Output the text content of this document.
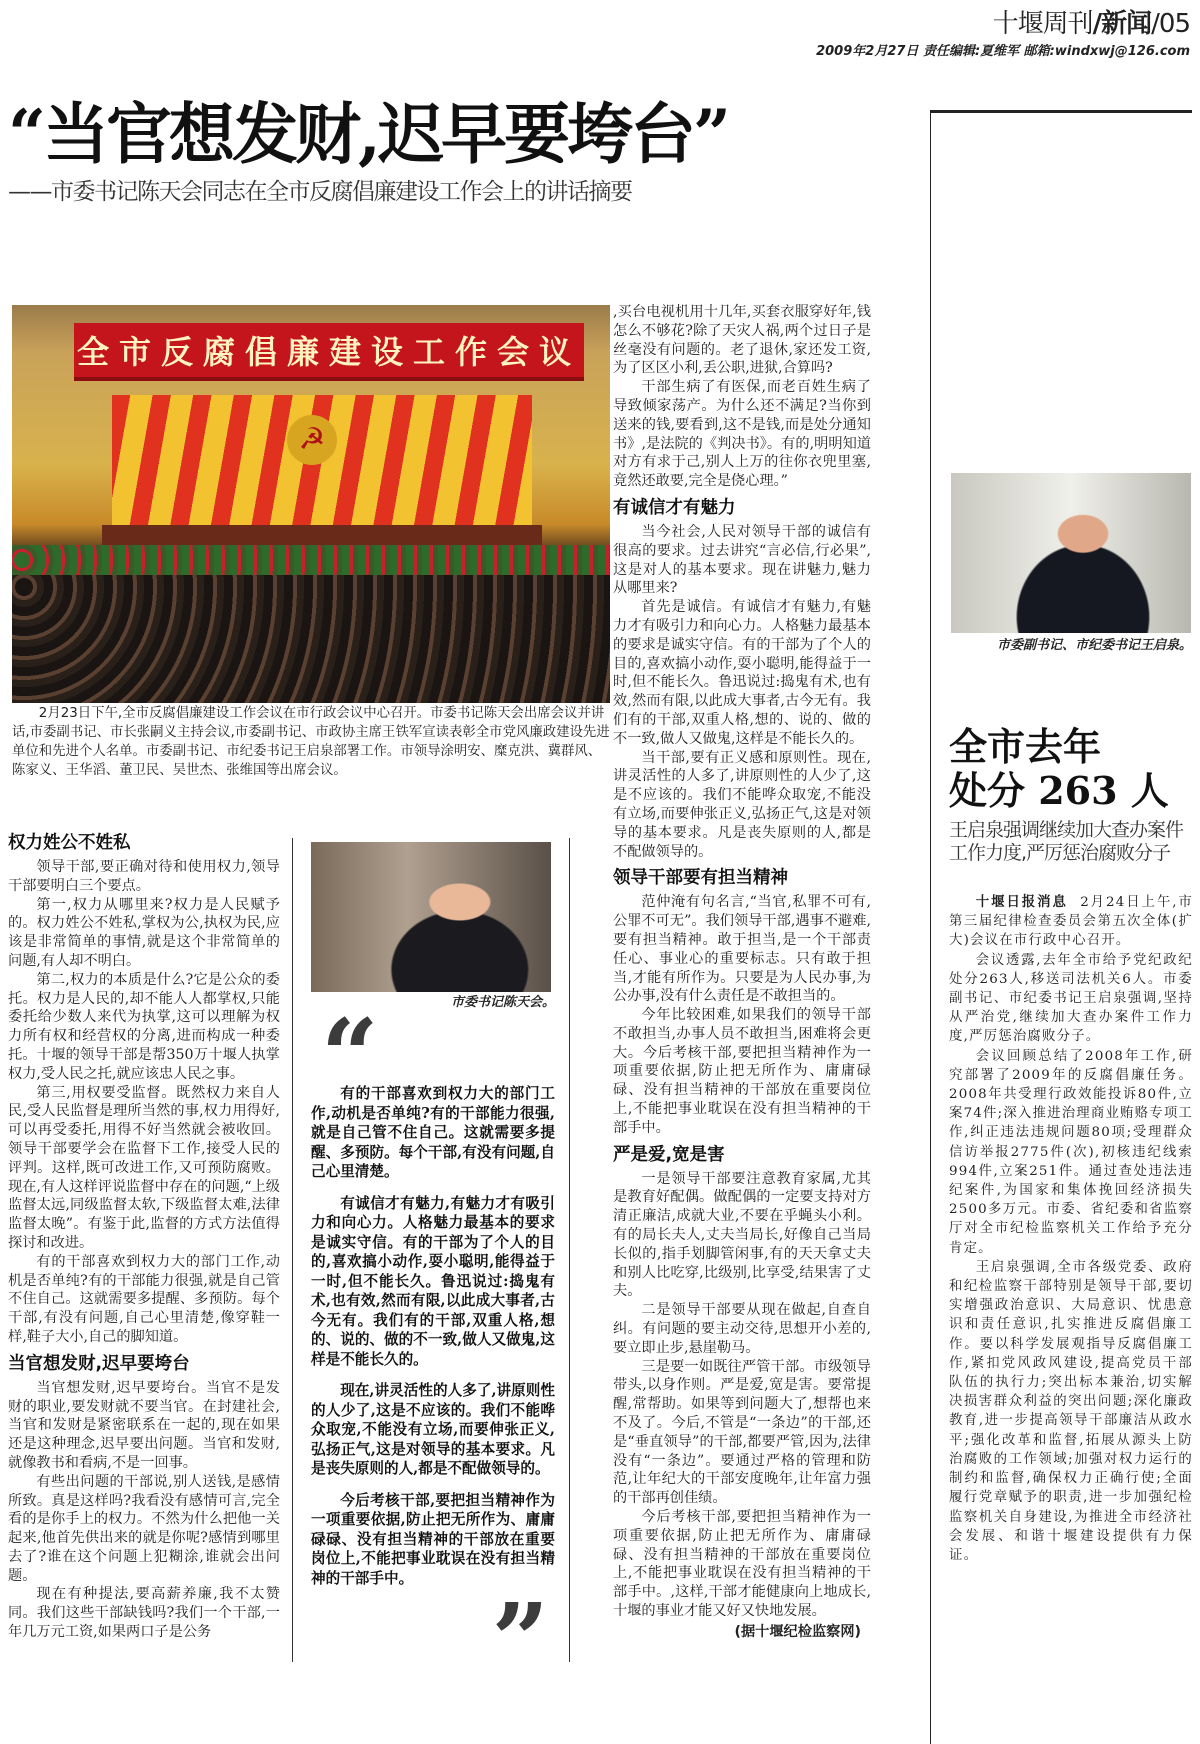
十堰周刊/新闻/05
2009年2月27日 责任编辑:夏维军 邮箱:windxwj@126.com
“当官想发财,迟早要垮台”
——市委书记陈天会同志在全市反腐倡廉建设工作会上的讲话摘要
全市反腐倡廉建设工作会议
☭
2月23日下午,全市反腐倡廉建设工作会议在市行政会议中心召开。市委书记陈天会出席会议并讲话,市委副书记、市长张嗣义主持会议,市委副书记、市政协主席王铁军宣读表彰全市党风廉政建设先进单位和先进个人名单。市委副书记、市纪委书记王启泉部署工作。市领导涂明安、糜克洪、冀群风、陈家义、王华滔、董卫民、吴世杰、张维国等出席会议。

,买台电视机用十几年,买套衣服穿好年,钱怎么不够花?除了天灾人祸,两个过日子是丝毫没有问题的。老了退休,家还发工资,为了区区小利,丢公职,进狱,合算吗?

干部生病了有医保,而老百姓生病了导致倾家荡产。为什么还不满足?当你到送来的钱,要看到,这不是钱,而是处分通知书》,是法院的《判决书》。有的,明明知道对方有求于己,别人上万的往你衣兜里塞,竟然还敢要,完全是侥心理。”

有诚信才有魅力

当今社会,人民对领导干部的诚信有很高的要求。过去讲究“言必信,行必果”,这是对人的基本要求。现在讲魅力,魅力从哪里来?

首先是诚信。有诚信才有魅力,有魅力才有吸引力和向心力。人格魅力最基本的要求是诚实守信。有的干部为了个人的目的,喜欢搞小动作,耍小聪明,能得益于一时,但不能长久。鲁迅说过:捣鬼有术,也有效,然而有限,以此成大事者,古今无有。我们有的干部,双重人格,想的、说的、做的不一致,做人又做鬼,这样是不能长久的。

当干部,要有正义感和原则性。现在,讲灵活性的人多了,讲原则性的人少了,这是不应该的。我们不能哗众取宠,不能没有立场,而要伸张正义,弘扬正气,这是对领导的基本要求。凡是丧失原则的人,都是不配做领导的。

领导干部要有担当精神

范仲淹有句名言,“当官,私罪不可有,公罪不可无”。我们领导干部,遇事不避难,要有担当精神。敢于担当,是一个干部责任心、事业心的重要标志。只有敢于担当,才能有所作为。只要是为人民办事,为公办事,没有什么责任是不敢担当的。

今年比较困难,如果我们的领导干部不敢担当,办事人员不敢担当,困难将会更大。今后考核干部,要把担当精神作为一项重要依据,防止把无所作为、庸庸碌碌、没有担当精神的干部放在重要岗位上,不能把事业耽误在没有担当精神的干部手中。

严是爱,宽是害

一是领导干部要注意教育家属,尤其是教育好配偶。做配偶的一定要支持对方清正廉洁,成就大业,不要在乎蝇头小利。有的局长夫人,丈夫当局长,好像自己当局长似的,指手划脚管闲事,有的天天拿丈夫和别人比吃穿,比级别,比享受,结果害了丈夫。

二是领导干部要从现在做起,自查自纠。有问题的要主动交待,思想开小差的,要立即止步,悬崖勒马。

三是要一如既往严管干部。市级领导带头,以身作则。严是爱,宽是害。要常提醒,常帮助。如果等到问题大了,想帮也来不及了。今后,不管是“一条边”的干部,还是“垂直领导”的干部,都要严管,因为,法律没有“一条边”。要通过严格的管理和防范,让年纪大的干部安度晚年,让年富力强的干部再创佳绩。

今后考核干部,要把担当精神作为一项重要依据,防止把无所作为、庸庸碌碌、没有担当精神的干部放在重要岗位上,不能把事业耽误在没有担当精神的干部手中。,这样,干部才能健康向上地成长,十堰的事业才能又好又快地发展。

(据十堰纪检监察网)
权力姓公不姓私

领导干部,要正确对待和使用权力,领导干部要明白三个要点。

第一,权力从哪里来?权力是人民赋予的。权力姓公不姓私,掌权为公,执权为民,应该是非常简单的事情,就是这个非常简单的问题,有人却不明白。

第二,权力的本质是什么?它是公众的委托。权力是人民的,却不能人人都掌权,只能委托给少数人来代为执掌,这可以理解为权力所有权和经营权的分离,进而构成一种委托。十堰的领导干部是帮350万十堰人执掌权力,受人民之托,就应该忠人民之事。

第三,用权要受监督。既然权力来自人民,受人民监督是理所当然的事,权力用得好,可以再受委托,用得不好当然就会被收回。领导干部要学会在监督下工作,接受人民的评判。这样,既可改进工作,又可预防腐败。现在,有人这样评说监督中存在的问题,“上级监督太远,同级监督太软,下级监督太难,法律监督太晚”。有鉴于此,监督的方式方法值得探讨和改进。

有的干部喜欢到权力大的部门工作,动机是否单纯?有的干部能力很强,就是自己管不住自己。这就需要多提醒、多预防。每个干部,有没有问题,自己心里清楚,像穿鞋一样,鞋子大小,自己的脚知道。

当官想发财,迟早要垮台

当官想发财,迟早要垮台。当官不是发财的职业,要发财就不要当官。在封建社会,当官和发财是紧密联系在一起的,现在如果还是这种理念,迟早要出问题。当官和发财,就像教书和看病,不是一回事。

有些出问题的干部说,别人送钱,是感情所致。真是这样吗?我看没有感情可言,完全看的是你手上的权力。不然为什么把他一关起来,他首先供出来的就是你呢?感情到哪里去了?谁在这个问题上犯糊涂,谁就会出问题。

现在有种提法,要高薪养廉,我不太赞同。我们这些干部缺钱吗?我们一个干部,一年几万元工资,如果两口子是公务

市委书记陈天会。
“

有的干部喜欢到权力大的部门工作,动机是否单纯?有的干部能力很强,就是自己管不住自己。这就需要多提醒、多预防。每个干部,有没有问题,自己心里清楚。

有诚信才有魅力,有魅力才有吸引力和向心力。人格魅力最基本的要求是诚实守信。有的干部为了个人的目的,喜欢搞小动作,耍小聪明,能得益于一时,但不能长久。鲁迅说过:捣鬼有术,也有效,然而有限,以此成大事者,古今无有。我们有的干部,双重人格,想的、说的、做的不一致,做人又做鬼,这样是不能长久的。

现在,讲灵活性的人多了,讲原则性的人少了,这是不应该的。我们不能哗众取宠,不能没有立场,而要伸张正义,弘扬正气,这是对领导的基本要求。凡是丧失原则的人,都是不配做领导的。

今后考核干部,要把担当精神作为一项重要依据,防止把无所作为、庸庸碌碌、没有担当精神的干部放在重要岗位上,不能把事业耽误在没有担当精神的干部手中。

”
市委副书记、市纪委书记王启泉。
全市去年
处分 263 人
王启泉强调继续加大查办案件工作力度,严厉惩治腐败分子

十堰日报消息 2月24日上午,市第三届纪律检查委员会第五次全体(扩大)会议在市行政中心召开。

会议透露,去年全市给予党纪政纪处分263人,移送司法机关6人。市委副书记、市纪委书记王启泉强调,坚持从严治党,继续加大查办案件工作力度,严厉惩治腐败分子。

会议回顾总结了2008年工作,研究部署了2009年的反腐倡廉任务。2008年共受理行政效能投诉80件,立案74件;深入推进治理商业贿赂专项工作,纠正违法违规问题80项;受理群众信访举报2775件(次),初核违纪线索994件,立案251件。通过查处违法违纪案件,为国家和集体挽回经济损失2500多万元。市委、省纪委和省监察厅对全市纪检监察机关工作给予充分肯定。

王启泉强调,全市各级党委、政府和纪检监察干部特别是领导干部,要切实增强政治意识、大局意识、忧患意识和责任意识,扎实推进反腐倡廉工作。要以科学发展观指导反腐倡廉工作,紧扣党风政风建设,提高党员干部队伍的执行力;突出标本兼治,切实解决损害群众利益的突出问题;深化廉政教育,进一步提高领导干部廉洁从政水平;强化改革和监督,拓展从源头上防治腐败的工作领域;加强对权力运行的制约和监督,确保权力正确行使;全面履行党章赋予的职责,进一步加强纪检监察机关自身建设,为推进全市经济社会发展、和谐十堰建设提供有力保证。
